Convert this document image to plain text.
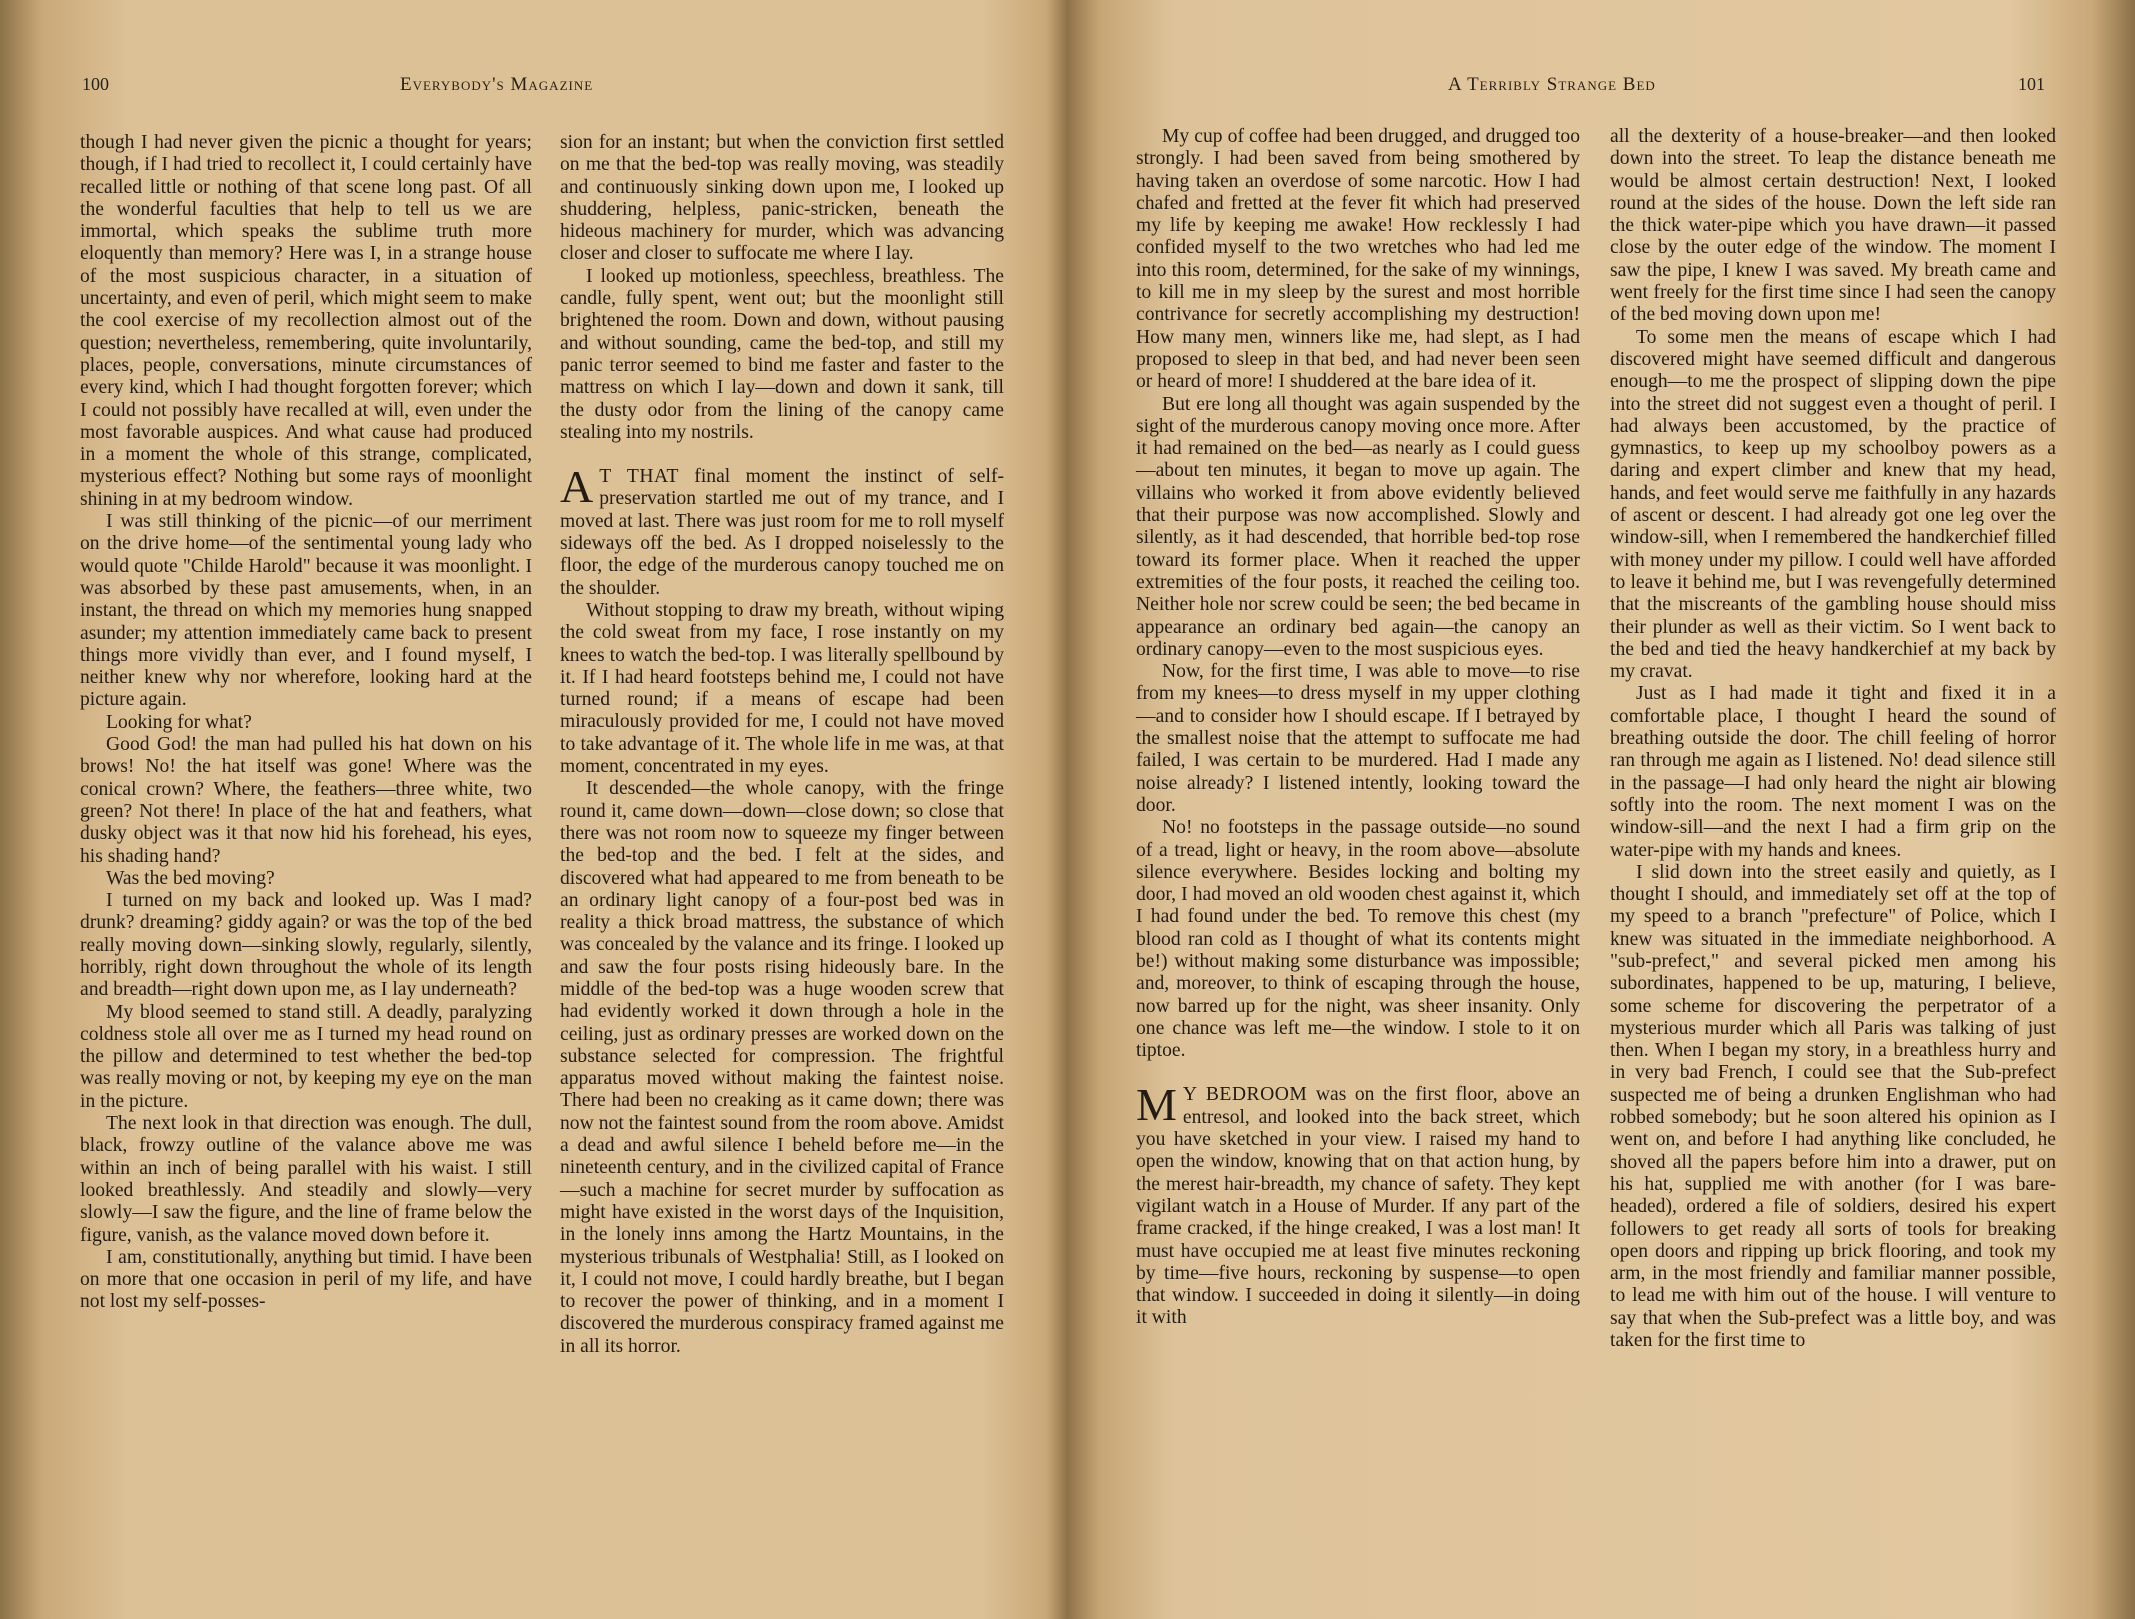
100	Everybody's Magazine

though I had never given the picnic a thought for years; though, if I had tried to recollect it, I could certainly have recalled little or nothing of that scene long past. Of all the wonderful faculties that help to tell us we are immortal, which speaks the sublime truth more eloquently than memory? Here was I, in a strange house of the most suspicious character, in a situation of uncertainty, and even of peril, which might seem to make the cool exercise of my recollection almost out of the question; nevertheless, remembering, quite involuntarily, places, people, conversations, minute circumstances of every kind, which I had thought forgotten forever; which I could not possibly have recalled at will, even under the most favorable auspices. And what cause had produced in a moment the whole of this strange, complicated, mysterious effect? Nothing but some rays of moonlight shining in at my bedroom window.

I was still thinking of the picnic—of our merriment on the drive home—of the sentimental young lady who would quote "Childe Harold" because it was moonlight. I was absorbed by these past amusements, when, in an instant, the thread on which my memories hung snapped asunder; my attention immediately came back to present things more vividly than ever, and I found myself, I neither knew why nor wherefore, looking hard at the picture again.

Looking for what?

Good God! the man had pulled his hat down on his brows! No! the hat itself was gone! Where was the conical crown? Where, the feathers—three white, two green? Not there! In place of the hat and feathers, what dusky object was it that now hid his forehead, his eyes, his shading hand?

Was the bed moving?

I turned on my back and looked up. Was I mad? drunk? dreaming? giddy again? or was the top of the bed really moving down—sinking slowly, regularly, silently, horribly, right down throughout the whole of its length and breadth—right down upon me, as I lay underneath?

My blood seemed to stand still. A deadly, paralyzing coldness stole all over me as I turned my head round on the pillow and determined to test whether the bed-top was really moving or not, by keeping my eye on the man in the picture.

The next look in that direction was enough. The dull, black, frowzy outline of the valance above me was within an inch of being parallel with his waist. I still looked breathlessly. And steadily and slowly—very slowly—I saw the figure, and the line of frame below the figure, vanish, as the valance moved down before it.

I am, constitutionally, anything but timid. I have been on more that one occasion in peril of my life, and have not lost my self-posses-

sion for an instant; but when the conviction first settled on me that the bed-top was really moving, was steadily and continuously sinking down upon me, I looked up shuddering, helpless, panic-stricken, beneath the hideous machinery for murder, which was advancing closer and closer to suffocate me where I lay.

I looked up motionless, speechless, breathless. The candle, fully spent, went out; but the moonlight still brightened the room. Down and down, without pausing and without sounding, came the bed-top, and still my panic terror seemed to bind me faster and faster to the mattress on which I lay—down and down it sank, till the dusty odor from the lining of the canopy came stealing into my nostrils.

A T THAT final moment the instinct of self-preservation startled me out of my trance, and I moved at last. There was just room for me to roll myself sideways off the bed. As I dropped noiselessly to the floor, the edge of the murderous canopy touched me on the shoulder.

Without stopping to draw my breath, without wiping the cold sweat from my face, I rose instantly on my knees to watch the bed-top. I was literally spellbound by it. If I had heard footsteps behind me, I could not have turned round; if a means of escape had been miraculously provided for me, I could not have moved to take advantage of it. The whole life in me was, at that moment, concentrated in my eyes.

It descended—the whole canopy, with the fringe round it, came down—down—close down; so close that there was not room now to squeeze my finger between the bed-top and the bed. I felt at the sides, and discovered what had appeared to me from beneath to be an ordinary light canopy of a four-post bed was in reality a thick broad mattress, the substance of which was concealed by the valance and its fringe. I looked up and saw the four posts rising hideously bare. In the middle of the bed-top was a huge wooden screw that had evidently worked it down through a hole in the ceiling, just as ordinary presses are worked down on the substance selected for compression. The frightful apparatus moved without making the faintest noise. There had been no creaking as it came down; there was now not the faintest sound from the room above. Amidst a dead and awful silence I beheld before me—in the nineteenth century, and in the civilized capital of France—such a machine for secret murder by suffocation as might have existed in the worst days of the Inquisition, in the lonely inns among the Hartz Mountains, in the mysterious tribunals of Westphalia! Still, as I looked on it, I could not move, I could hardly breathe, but I began to recover the power of thinking, and in a moment I discovered the murderous conspiracy framed against me in all its horror.

A Terribly Strange Bed	101

My cup of coffee had been drugged, and drugged too strongly. I had been saved from being smothered by having taken an overdose of some narcotic. How I had chafed and fretted at the fever fit which had preserved my life by keeping me awake! How recklessly I had confided myself to the two wretches who had led me into this room, determined, for the sake of my winnings, to kill me in my sleep by the surest and most horrible contrivance for secretly accomplishing my destruction! How many men, winners like me, had slept, as I had proposed to sleep in that bed, and had never been seen or heard of more! I shuddered at the bare idea of it.

But ere long all thought was again suspended by the sight of the murderous canopy moving once more. After it had remained on the bed—as nearly as I could guess—about ten minutes, it began to move up again. The villains who worked it from above evidently believed that their purpose was now accomplished. Slowly and silently, as it had descended, that horrible bed-top rose toward its former place. When it reached the upper extremities of the four posts, it reached the ceiling too. Neither hole nor screw could be seen; the bed became in appearance an ordinary bed again—the canopy an ordinary canopy—even to the most suspicious eyes.

Now, for the first time, I was able to move—to rise from my knees—to dress myself in my upper clothing—and to consider how I should escape. If I betrayed by the smallest noise that the attempt to suffocate me had failed, I was certain to be murdered. Had I made any noise already? I listened intently, looking toward the door.

No! no footsteps in the passage outside—no sound of a tread, light or heavy, in the room above—absolute silence everywhere. Besides locking and bolting my door, I had moved an old wooden chest against it, which I had found under the bed. To remove this chest (my blood ran cold as I thought of what its contents might be!) without making some disturbance was impossible; and, moreover, to think of escaping through the house, now barred up for the night, was sheer insanity. Only one chance was left me—the window. I stole to it on tiptoe.

M Y BEDROOM was on the first floor, above an entresol, and looked into the back street, which you have sketched in your view. I raised my hand to open the window, knowing that on that action hung, by the merest hair-breadth, my chance of safety. They kept vigilant watch in a House of Murder. If any part of the frame cracked, if the hinge creaked, I was a lost man! It must have occupied me at least five minutes reckoning by time—five hours, reckoning by suspense—to open that window. I succeeded in doing it silently—in doing it with

all the dexterity of a house-breaker—and then looked down into the street. To leap the distance beneath me would be almost certain destruction! Next, I looked round at the sides of the house. Down the left side ran the thick water-pipe which you have drawn—it passed close by the outer edge of the window. The moment I saw the pipe, I knew I was saved. My breath came and went freely for the first time since I had seen the canopy of the bed moving down upon me!

To some men the means of escape which I had discovered might have seemed difficult and dangerous enough—to me the prospect of slipping down the pipe into the street did not suggest even a thought of peril. I had always been accustomed, by the practice of gymnastics, to keep up my schoolboy powers as a daring and expert climber and knew that my head, hands, and feet would serve me faithfully in any hazards of ascent or descent. I had already got one leg over the window-sill, when I remembered the handkerchief filled with money under my pillow. I could well have afforded to leave it behind me, but I was revengefully determined that the miscreants of the gambling house should miss their plunder as well as their victim. So I went back to the bed and tied the heavy handkerchief at my back by my cravat.

Just as I had made it tight and fixed it in a comfortable place, I thought I heard the sound of breathing outside the door. The chill feeling of horror ran through me again as I listened. No! dead silence still in the passage—I had only heard the night air blowing softly into the room. The next moment I was on the window-sill—and the next I had a firm grip on the water-pipe with my hands and knees.

I slid down into the street easily and quietly, as I thought I should, and immediately set off at the top of my speed to a branch "prefecture" of Police, which I knew was situated in the immediate neighborhood. A "sub-prefect," and several picked men among his subordinates, happened to be up, maturing, I believe, some scheme for discovering the perpetrator of a mysterious murder which all Paris was talking of just then. When I began my story, in a breathless hurry and in very bad French, I could see that the Sub-prefect suspected me of being a drunken Englishman who had robbed somebody; but he soon altered his opinion as I went on, and before I had anything like concluded, he shoved all the papers before him into a drawer, put on his hat, supplied me with another (for I was bare-headed), ordered a file of soldiers, desired his expert followers to get ready all sorts of tools for breaking open doors and ripping up brick flooring, and took my arm, in the most friendly and familiar manner possible, to lead me with him out of the house. I will venture to say that when the Sub-prefect was a little boy, and was taken for the first time to
